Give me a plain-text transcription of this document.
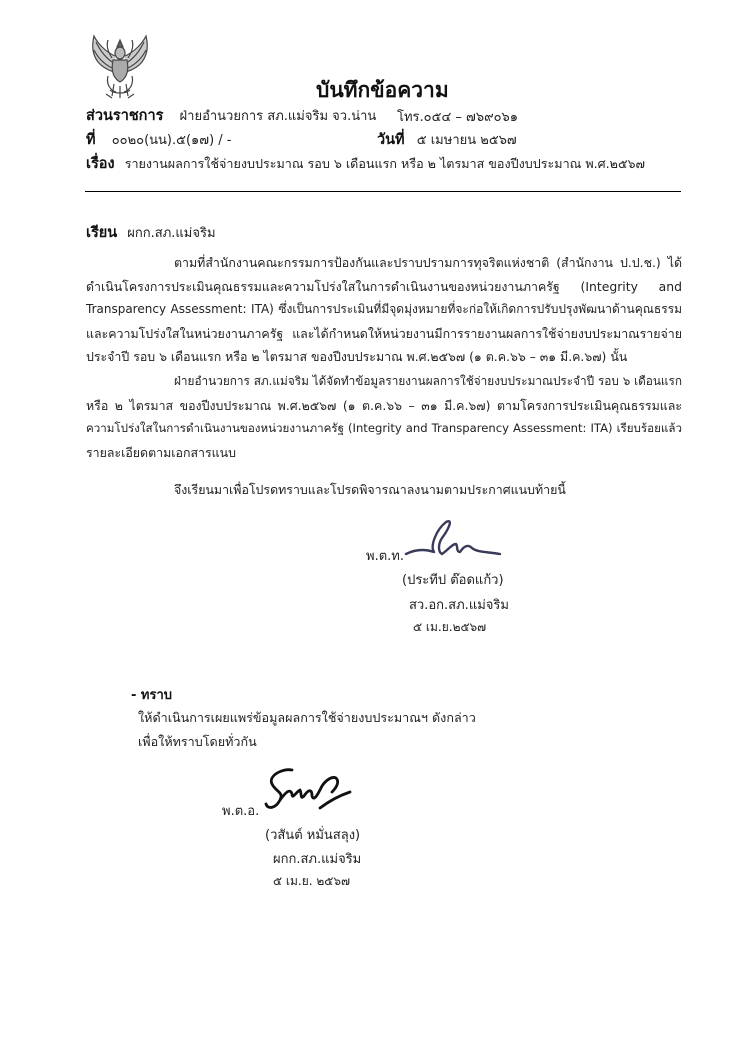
บันทึกข้อความ
ส่วนราชการ ฝ่ายอำนวยการ สภ.แม่จริม จว.น่าน โทร.๐๕๔ – ๗๖๙๐๖๑
ที่ ๐๐๒๐(นน).๕(๑๗) / -	วันที่ ๕ เมษายน ๒๕๖๗
เรื่อง รายงานผลการใช้จ่ายงบประมาณ รอบ ๖ เดือนแรก หรือ ๒ ไตรมาส ของปีงบประมาณ พ.ศ.๒๕๖๗
เรียน ผกก.สภ.แม่จริม
ตามที่สำนักงานคณะกรรมการป้องกันและปราบปรามการทุจริตแห่งชาติ (สำนักงาน ป.ป.ช.) ได้
ดำเนินโครงการประเมินคุณธรรมและความโปร่งใสในการดำเนินงานของหน่วยงานภาครัฐ (Integrity and
Transparency Assessment: ITA) ซึ่งเป็นการประเมินที่มีจุดมุ่งหมายที่จะก่อให้เกิดการปรับปรุงพัฒนาด้านคุณธรรม
และความโปร่งใสในหน่วยงานภาครัฐ และได้กำหนดให้หน่วยงานมีการรายงานผลการใช้จ่ายงบประมาณรายจ่าย
ประจำปี รอบ ๖ เดือนแรก หรือ ๒ ไตรมาส ของปีงบประมาณ พ.ศ.๒๕๖๗ (๑ ต.ค.๖๖ – ๓๑ มี.ค.๖๗) นั้น
ฝ่ายอำนวยการ สภ.แม่จริม ได้จัดทำข้อมูลรายงานผลการใช้จ่ายงบประมาณประจำปี รอบ ๖ เดือนแรก
หรือ ๒ ไตรมาส ของปีงบประมาณ พ.ศ.๒๕๖๗ (๑ ต.ค.๖๖ – ๓๑ มี.ค.๖๗) ตามโครงการประเมินคุณธรรมและ
ความโปร่งใสในการดำเนินงานของหน่วยงานภาครัฐ (Integrity and Transparency Assessment: ITA) เรียบร้อยแล้ว
รายละเอียดตามเอกสารแนบ
จึงเรียนมาเพื่อโปรดทราบและโปรดพิจารณาลงนามตามประกาศแนบท้ายนี้
พ.ต.ท.
(ประทีป ต๊อดแก้ว)
สว.อก.สภ.แม่จริม
๕ เม.ย.๒๕๖๗
- ทราบ
ให้ดำเนินการเผยแพร่ข้อมูลผลการใช้จ่ายงบประมาณฯ ดังกล่าว
เพื่อให้ทราบโดยทั่วกัน
พ.ต.อ.
(วสันต์ หมั่นสลุง)
ผกก.สภ.แม่จริม
๕ เม.ย. ๒๕๖๗
